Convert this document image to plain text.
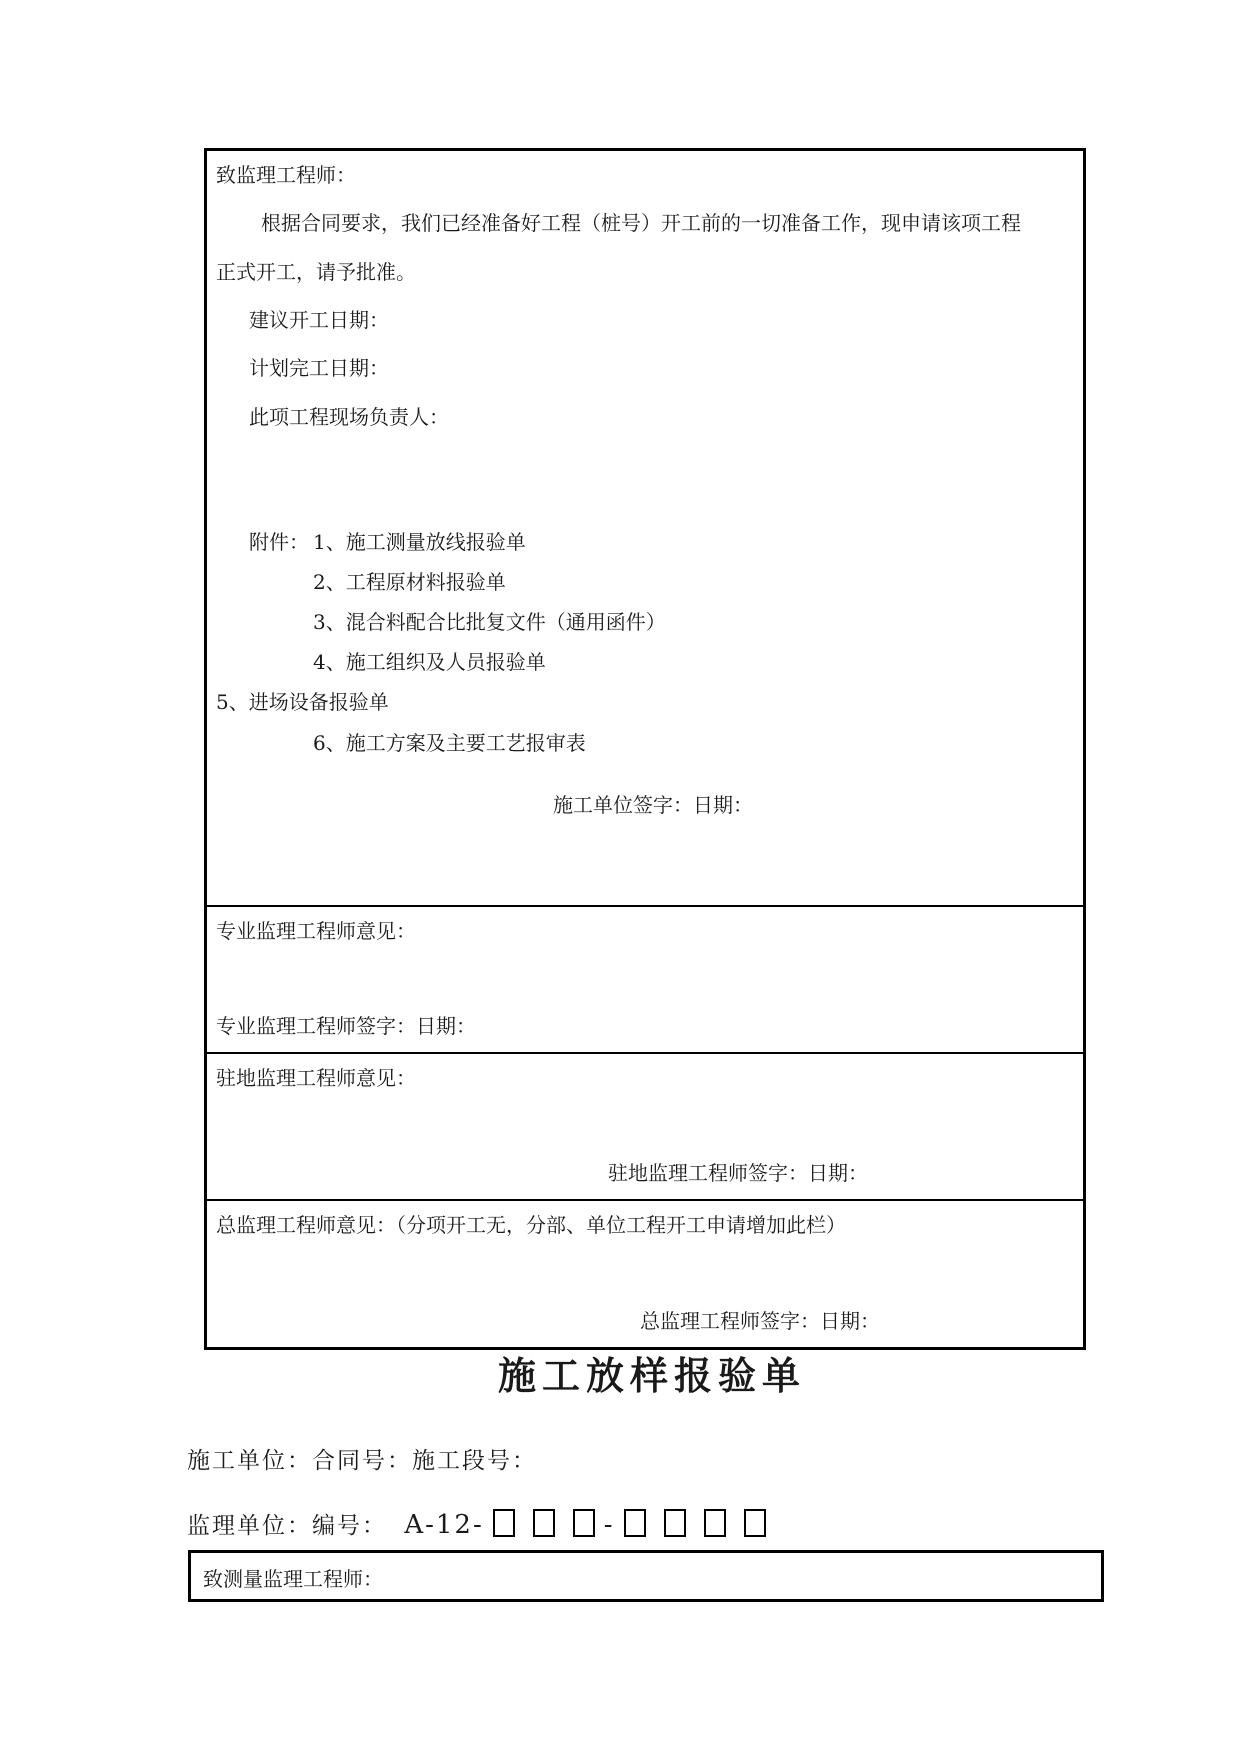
致监理工程师：
根据合同要求，我们已经准备好工程（桩号）开工前的一切准备工作，现申请该项工程
正式开工，请予批准。
建议开工日期：
计划完工日期：
此项工程现场负责人：
附件： 1、施工测量放线报验单
2、工程原材料报验单
3、混合料配合比批复文件（通用函件）
4、施工组织及人员报验单
5、进场设备报验单
6、施工方案及主要工艺报审表
施工单位签字：日期：
专业监理工程师意见：
专业监理工程师签字：日期：
驻地监理工程师意见：
驻地监理工程师签字：日期：
总监理工程师意见：（分项开工无，分部、单位工程开工申请增加此栏）
总监理工程师签字：日期：
施工放样报验单
施工单位：合同号：施工段号：
监理单位：编号： A-12-	-
致测量监理工程师：
